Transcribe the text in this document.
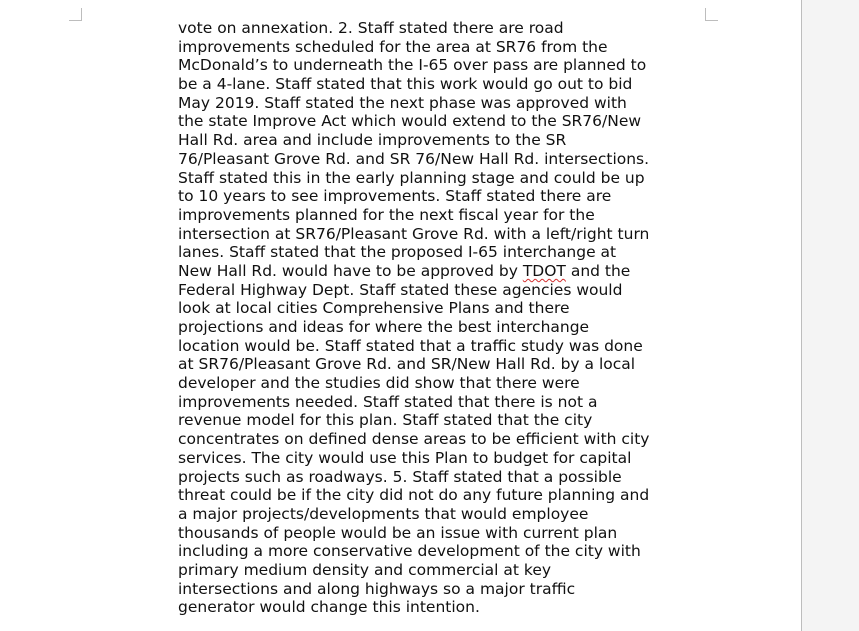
vote on annexation. 2. Staff stated there are road
improvements scheduled for the area at SR76 from the
McDonald’s to underneath the I-65 over pass are planned to
be a 4-lane. Staff stated that this work would go out to bid
May 2019. Staff stated the next phase was approved with
the state Improve Act which would extend to the SR76/New
Hall Rd. area and include improvements to the SR
76/Pleasant Grove Rd. and SR 76/New Hall Rd. intersections.
Staff stated this in the early planning stage and could be up
to 10 years to see improvements. Staff stated there are
improvements planned for the next fiscal year for the
intersection at SR76/Pleasant Grove Rd. with a left/right turn
lanes. Staff stated that the proposed I-65 interchange at
New Hall Rd. would have to be approved by TDOT and the
Federal Highway Dept. Staff stated these agencies would
look at local cities Comprehensive Plans and there
projections and ideas for where the best interchange
location would be. Staff stated that a traffic study was done
at SR76/Pleasant Grove Rd. and SR/New Hall Rd. by a local
developer and the studies did show that there were
improvements needed. Staff stated that there is not a
revenue model for this plan. Staff stated that the city
concentrates on defined dense areas to be efficient with city
services. The city would use this Plan to budget for capital
projects such as roadways. 5. Staff stated that a possible
threat could be if the city did not do any future planning and
a major projects/developments that would employee
thousands of people would be an issue with current plan
including a more conservative development of the city with
primary medium density and commercial at key
intersections and along highways so a major traffic
generator would change this intention.
